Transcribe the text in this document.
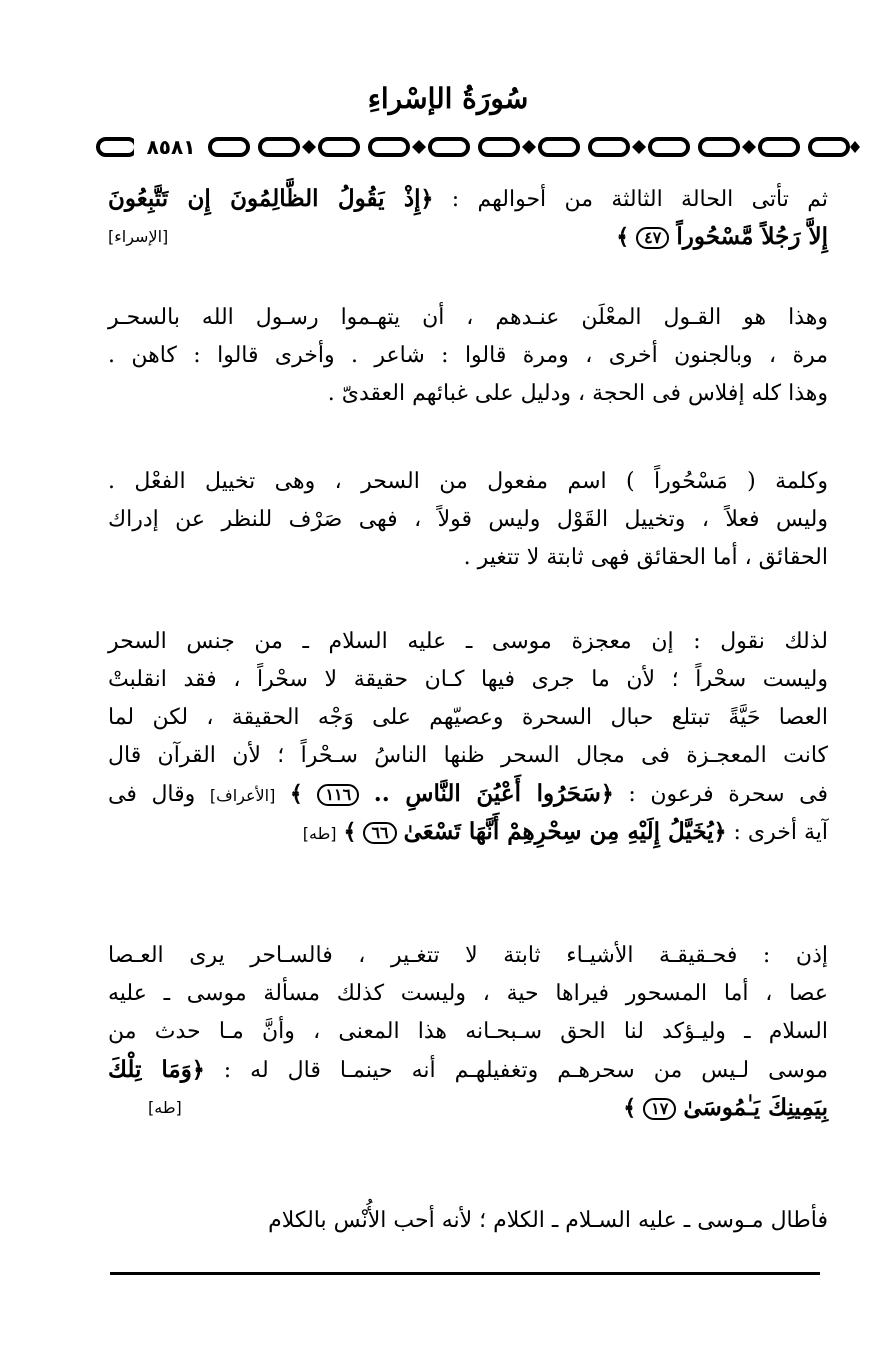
سُورَةُ الإسْراءِ
٨٥٨١
ثم تأتى الحالة الثالثة من أحوالهم : ﴿إِذْ يَقُولُ الظَّالِمُونَ إِن تَتَّبِعُونَ
إِلاَّ رَجُلاً مَّسْحُوراً ٤٧ ﴾
[الإسراء]
وهذا هو القـول المعْلَن عنـدهم ، أن يتهـموا رسـول الله بالسحـر
مرة ، وبالجنون أخرى ، ومرة قالوا : شاعر . وأخرى قالوا : كاهن .
وهذا كله إفلاس فى الحجة ، ودليل على غبائهم العقدىّ .
وكلمة ( مَسْحُوراً ) اسم مفعول من السحر ، وهى تخييل الفعْل .
وليس فعلاً ، وتخييل القَوْل وليس قولاً ، فهى صَرْف للنظر عن إدراك
الحقائق ، أما الحقائق فهى ثابتة لا تتغير .
لذلك نقول : إن معجزة موسى ـ عليه السلام ـ من جنس السحر
وليست سحْراً ؛ لأن ما جرى فيها كـان حقيقة لا سحْراً ، فقد انقلبتْ
العصا حَيَّةً تبتلع حبال السحرة وعصيّهم على وَجْه الحقيقة ، لكن لما
كانت المعجـزة فى مجال السحر ظنها الناسُ سـحْراً ؛ لأن القرآن قال
فى سحرة فرعون : ﴿سَحَرُوا أَعْيُنَ النَّاسِ .. ١١٦ ﴾ [الأعراف] وقال فى
آية أخرى : ﴿يُخَيَّلُ إِلَيْهِ مِن سِحْرِهِمْ أَنَّهَا تَسْعَىٰ ٦٦ ﴾ [طه]
إذن : فحـقيقـة الأشيـاء ثابتة لا تتغـير ، فالسـاحر يرى العـصا
عصا ، أما المسحور فيراها حية ، وليست كذلك مسألة موسى ـ عليه
السلام ـ وليـؤكد لنا الحق سـبحـانه هذا المعنى ، وأنَّ مـا حدث من
موسى لـيس من سحرهـم وتغفيلهـم أنه حينمـا قال له : ﴿وَمَا تِلْكَ
بِيَمِينِكَ يَـٰمُوسَىٰ ١٧ ﴾
[طه]
فأطال مـوسى ـ عليه السـلام ـ الكلام ؛ لأنه أحب الأُنْس بالكلام
